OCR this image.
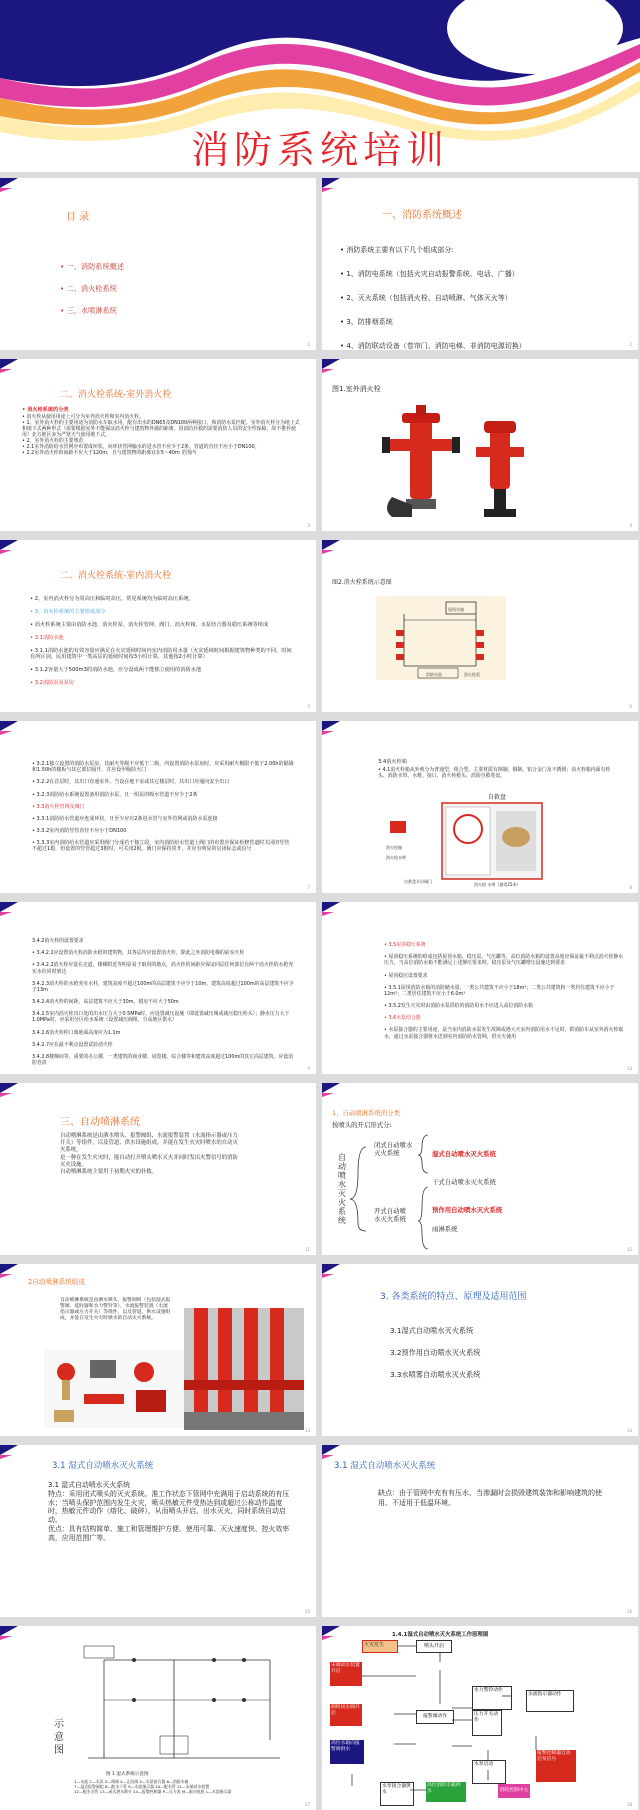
消防系统培训
目 录

• 一、消防系统概述

• 二、消火栓系统

• 三、水喷淋系统

1
一、消防系统概述

• 消防系统主要有以下几个组成部分:

• 1、消防电系统（包括火灾自动报警系统、电话、广播）

• 2、灭火系统（包括消火栓、自动喷淋、气体灭火等）

• 3、防排烟系统

• 4、消防联动设备（卷帘门、消防电梯、非消防电源切换）	2
二、消火栓系统-室外消火栓
• 消火栓系统的分类
• 消火栓从使用用途上可分为室外消火栓和室内消火栓。
• 1、室外消火栓的主要用途为消防水车取水用，配有出水的DN65及DN100两种接口，和消防水泵匹配。室外消火栓分为地上式和地下式两种形式（需要根据室外不能保证消火栓与建筑物外墙的距离，因消防扑救的需要消防人员的安全性保障，故不推荐使用）北方地区多为严寒天气使用地下式。
• 2、室外消火栓的主要规范
• 2.1室外消防给水管网应布置成环状，向环状管网输水的进水管不应少于2条，管道的直径不应小于DN100。
• 2.2室外消火栓的间距不应大于120m，且与建筑物的距离宜在5～40m 范围内
3
图1.室外消火栓
4
二、消火栓系统-室内消火栓

• 2、室内消火栓分为常高压和临时高压，常见系统均为临时高压系统。

• 3、消火栓系统的主要组成部分

• 消火栓系统主要由消防水池、消火栓泵、消火栓管网、阀门、消火栓箱、水泵结合器及稳压系统等组成

• 3.1消防水池

• 3.1.1消防水池的有效容量应满足在火灾延续时间内室内消防用水量（火灾延续时间根据建筑物种类的不同，时间有所区别。民用建筑中一类高层的延续时间按3小时计算，其他按2小时计算）

• 3.1.2容量大于500m3的消防水池，应分设成两个能独立使用的消防水池

• 3.2消防泵及泵房

5
图2.消火栓系统示意图
屋顶水箱
消防水池	消火栓泵
6

• 3.2.1独立设置的消防水泵房，其耐火等级不应低于二级，内设置消防水泵房时，应采用耐火极限不低于2.00h的隔墙和1.50h的楼板与其它部位隔开，并应设甲级防火门

• 3.2.2在首层时，其出口直通室外。当设在地下室或其它楼层时，其出口应通向安全出口

• 3.2.3消防给水系统设置备用消防水泵，且一组泵的吸水管道不应少于2条

• 3.3消火栓管网及阀门

• 3.3.1消防给水管道应连成环状，且至少应有2条进水管与室外管网或消防水泵连接

• 3.3.2室内消防竖管直径不应小于DN100

• 3.3.3室内消防给水管道应采用阀门分成若干独立段，室内消防给水管道上阀门的布置应保证检修管道时关闭的竖管不超过1根，但设置的竖管超过3根时，可关闭2根。阀门应保持常开，并应有明显的启闭标志或信号

7
3.4消火栓箱
• 4.1消火栓箱从外观分为普通型、组合型。主要材质有钢制、铜制、铝合金门及不锈钢；消火栓箱内面有栓头、消防水带、水枪、接口、消火栓枪头、消防自救卷盘。
自救盘
消火栓箱
消火栓水带
自救盘开启阀门
消火栓 水带（通常25米）
8

3.4.2消火栓的设置要求

• 3.4.2.1应设置消火栓消防水枪的建筑物，其各层均应设置消火栓，除此之外消防电梯的前室火栓

• 3.4.2.2消火栓应设在走道、楼梯附近等明显易于取用的地点，消火栓的间距应保证同层任何部位有两个消火栓的水枪充实水柱同时到达

3.4.2.3消火栓的水枪充实水柱，建筑高度不超过100m的高层建筑不应少于10m，建筑高度超过100m的高层建筑不应少于13m

3.4.2.4消火栓的间距，高层建筑不应大于30m。裙房不应大于50m

3.4.2.5室内消火栓出口处的出水压力大于0.5MPa时，应设置减压设施（即设置减压阀或减压稳压栓头）；静水压力大于1.0MPa时，应采用分区给水系统（设置减压阀组、分高地区供水）

3.4.2.6消火栓栓口离地面高度应为1.1m

3.4.2.7应在最不利点设置试验消火栓

3.4.2.8楼梯间等、重要的办公楼、一类建筑的商业楼、展览楼、综合楼等和建筑高度超过100m的其它高层建筑，应设消防卷盘

9

• 3.5屋顶稳压系统

• 屋顶稳压系统的组成包括屋顶水箱、稳压泵、气压罐等。高位消防水箱的设置高度应保证最不利点消火栓静水压力，当高位消防水箱不能满足上述静压要求时，稳压泵及气压罐增压设施达到要求

• 屋顶稳压设置要求

• 3.5.1屋顶消防水箱的消防储水量，一类公共建筑不应小于18m³；二类公共建筑和一类居住建筑不应小于12m³；二类居住建筑不应小于6.0m³

• 3.5.2发生火灾时由消防水泵供给的消防用水不应进入高位消防水箱

• 3.6水泵结合器

• 水泵接合器的主要用途，是当室内消防水泵发生故障或遇大火室内消防用水不足时，供消防车从室外消火栓取水，通过水泵接合器将水送到室内消防给水管网，供灭火使用

10
三、自动喷淋系统
自动喷淋系统是由洒水喷头、报警阀组、水流报警装置（水流指示器或压力开关）等组件，以及管道、供水设施组成，并能在发生火灾时喷水的自动灭火系统。
是一种在发生火灾时，能自动打开喷头喷水灭火并同时发出火警信号的消防灭火设施。
自动喷淋系统主要用于初期火灾的扑救。
11
1、自动喷淋系统的分类
按喷头的开启形式分:
自动喷水灭火系统
闭式自动喷水灭火系统
开式自动喷水灭火系统

湿式自动喷水灭火系统

干式自动喷水灭火系统

预作用自动喷水灭火系统

雨淋系统

12
2自动喷淋系统组成
自动喷淋系统是由洒水喷头、报警阀组（包括湿式报警阀、延时器和水力警铃等）、水流报警装置（水流指示器或压力开关）等组件，以及管道、供水设施组成，并能在发生火灾时喷水的自动灭火系统。
13
3. 各类系统的特点、原理及适用范围

3.1湿式自动喷水灭火系统

3.2预作用自动喷水灭火系统

3.3水喷雾自动喷水灭火系统

14
3.1 湿式自动喷水灭火系统
3.1 湿式自动喷水灭火系统
特点：采用闭式喷头的灭火系统。准工作状态下管网中充满用于启动系统的有压水；当喷头保护范围内发生火灾，喷头热敏元件受热达到或超过公称动作温度时，热敏元件动作（熔化、破碎），从而喷头开启，出水灭火，同时系统自动启动。
优点：具有结构简单、施工和管理维护方便、使用可靠、灭火速度快、控火效率高，应用范围广等。
15
3.1 湿式自动喷水灭火系统
缺点：由于管网中充有有压水，当渗漏时会损毁建筑装饰和影响建筑的使用。不适用于低温环境。
16
示意图
图 1 湿式系统示意图
1—水池 2—水泵 3—闸阀 4—止回阀 5—水泵接合器 6—消防水箱
7—湿式报警阀组 8—配水干管 9—水流指示器 10—配水管 11—末端试水装置
12—配水支管 13—闭式洒水喷头 14—报警控制器 P—压力表 M—驱动电机 L—水流指示器
17
1.4.1湿式自动喷水灭火系统工作原理图
火灾发生	喷头开启
末端试水装置开启
水力警铃动作
水流指示器动作
报警阀动作	压力开关动作
阀组试水阀开启
高位水箱向报警阀供水
水泵启动
水泵接合器供水
报警控制器自动启泵信号
高位消防水箱供水	消防控制中心
18
